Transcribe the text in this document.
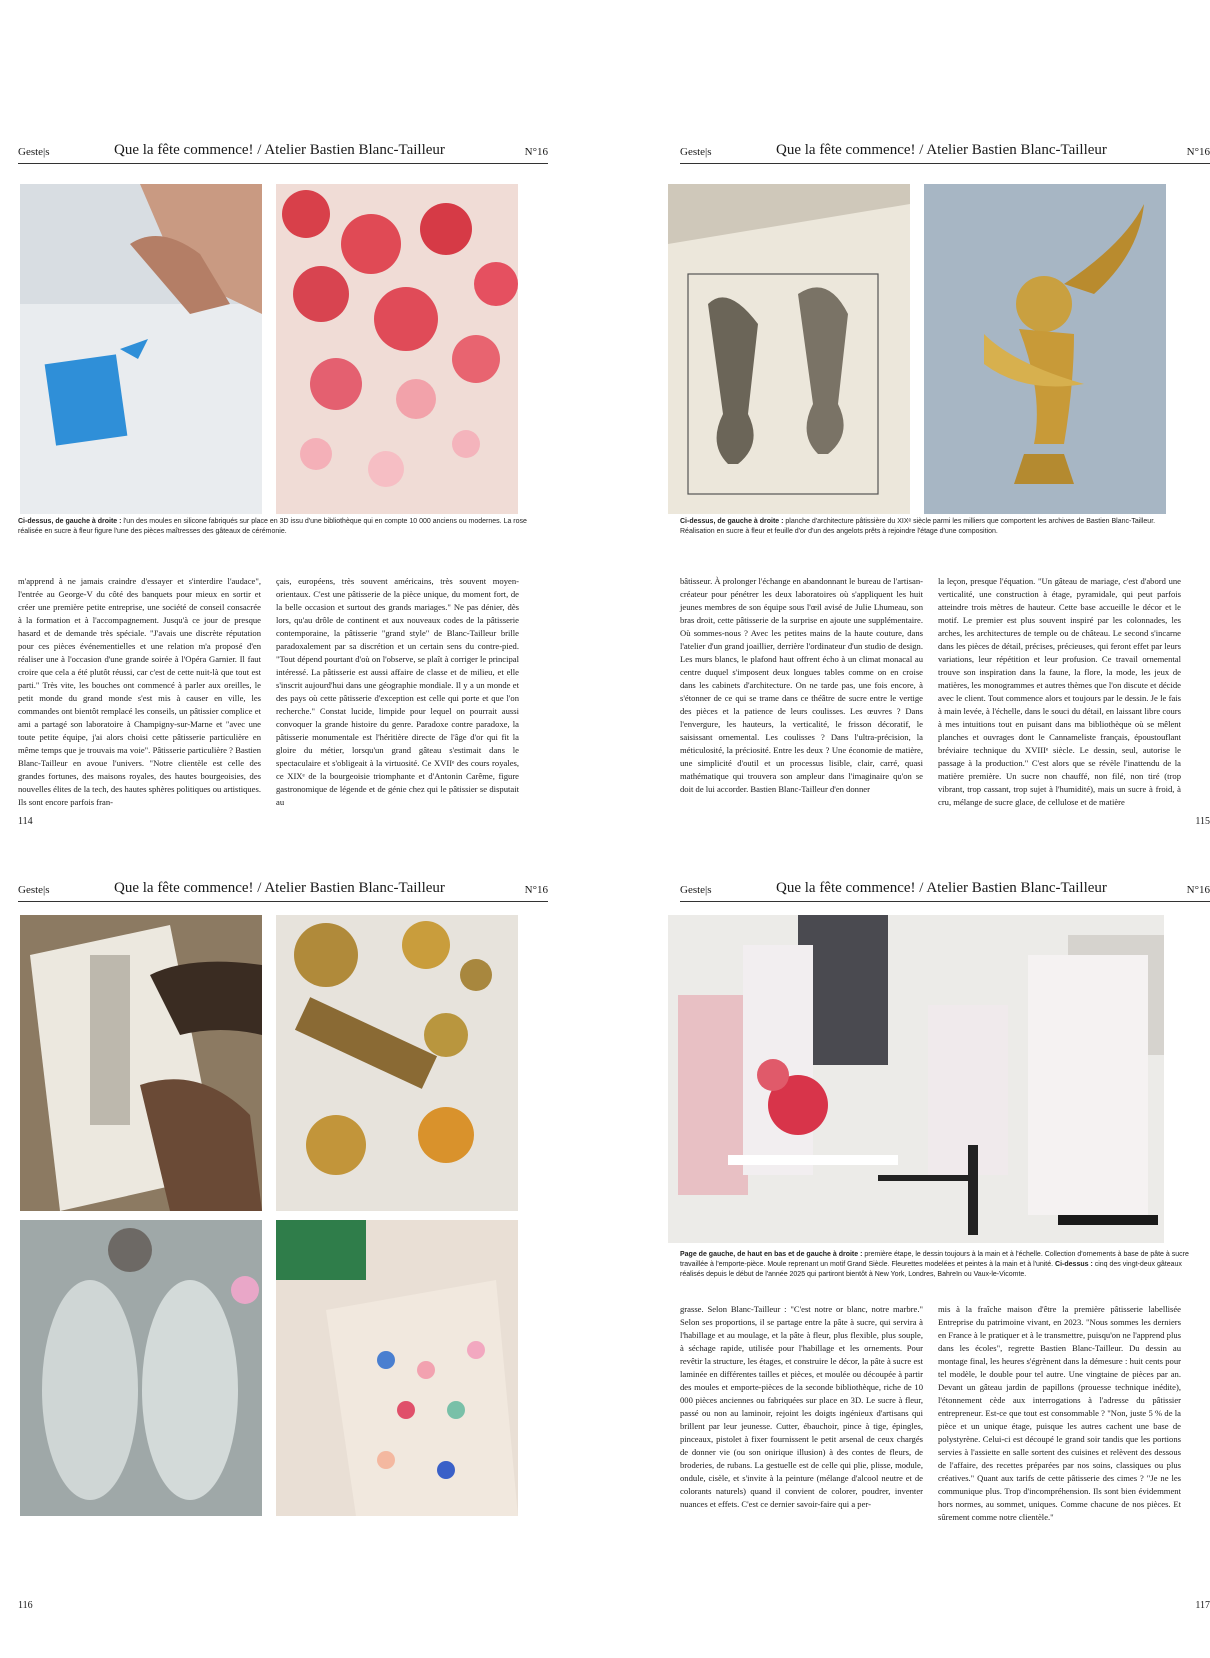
Geste|s	Que la fête commence! / Atelier Bastien Blanc-Tailleur	N°16
Ci-dessus, de gauche à droite : l'un des moules en silicone fabriqués sur place en 3D issu d'une bibliothèque qui en compte 10 000 anciens ou modernes. La rose réalisée en sucre à fleur figure l'une des pièces maîtresses des gâteaux de cérémonie.
m'apprend à ne jamais craindre d'essayer et s'interdire l'audace", l'entrée au George-V du côté des banquets pour mieux en sortir et créer une première petite entreprise, une société de conseil consacrée à la formation et à l'accompagnement. Jusqu'à ce jour de presque hasard et de demande très spéciale. "J'avais une discrète réputation pour ces pièces événementielles et une relation m'a proposé d'en réaliser une à l'occasion d'une grande soirée à l'Opéra Garnier. Il faut croire que cela a été plutôt réussi, car c'est de cette nuit-là que tout est parti." Très vite, les bouches ont commencé à parler aux oreilles, le petit monde du grand monde s'est mis à causer en ville, les commandes ont bientôt remplacé les conseils, un pâtissier complice et ami a partagé son laboratoire à Champigny-sur-Marne et "avec une toute petite équipe, j'ai alors choisi cette pâtisserie particulière en même temps que je trouvais ma voie". Pâtisserie particulière ? Bastien Blanc-Tailleur en avoue l'univers. "Notre clientèle est celle des grandes fortunes, des maisons royales, des hautes bourgeoisies, des nouvelles élites de la tech, des hautes sphères politiques ou artistiques. Ils sont encore parfois fran-
çais, européens, très souvent américains, très souvent moyen-orientaux. C'est une pâtisserie de la pièce unique, du moment fort, de la belle occasion et surtout des grands mariages." Ne pas dénier, dès lors, qu'au drôle de continent et aux nouveaux codes de la pâtisserie contemporaine, la pâtisserie "grand style" de Blanc-Tailleur brille paradoxalement par sa discrétion et un certain sens du contre-pied. "Tout dépend pourtant d'où on l'observe, se plaît à corriger le principal intéressé. La pâtisserie est aussi affaire de classe et de milieu, et elle s'inscrit aujourd'hui dans une géographie mondiale. Il y a un monde et des pays où cette pâtisserie d'exception est celle qui porte et que l'on recherche." Constat lucide, limpide pour lequel on pourrait aussi convoquer la grande histoire du genre. Paradoxe contre paradoxe, la pâtisserie monumentale est l'héritière directe de l'âge d'or qui fit la gloire du métier, lorsqu'un grand gâteau s'estimait dans le spectaculaire et s'obligeait à la virtuosité. Ce XVIIᵉ des cours royales, ce XIXᵉ de la bourgeoisie triomphante et d'Antonin Carême, figure gastronomique de légende et de génie chez qui le pâtissier se disputait au
114
Geste|s	Que la fête commence! / Atelier Bastien Blanc-Tailleur	N°16
Ci-dessus, de gauche à droite : planche d'architecture pâtissière du XIXᵉ siècle parmi les milliers que comportent les archives de Bastien Blanc-Tailleur. Réalisation en sucre à fleur et feuille d'or d'un des angelots prêts à rejoindre l'étage d'une composition.
bâtisseur. À prolonger l'échange en abandonnant le bureau de l'artisan-créateur pour pénétrer les deux laboratoires où s'appliquent les huit jeunes membres de son équipe sous l'œil avisé de Julie Lhumeau, son bras droit, cette pâtisserie de la surprise en ajoute une supplémentaire. Où sommes-nous ? Avec les petites mains de la haute couture, dans l'atelier d'un grand joaillier, derrière l'ordinateur d'un studio de design. Les murs blancs, le plafond haut offrent écho à un climat monacal au centre duquel s'imposent deux longues tables comme on en croise dans les cabinets d'architecture. On ne tarde pas, une fois encore, à s'étonner de ce qui se trame dans ce théâtre de sucre entre le vertige des pièces et la patience de leurs coulisses. Les œuvres ? Dans l'envergure, les hauteurs, la verticalité, le frisson décoratif, le saisissant ornemental. Les coulisses ? Dans l'ultra-précision, la méticulosité, la préciosité. Entre les deux ? Une économie de matière, une simplicité d'outil et un processus lisible, clair, carré, quasi mathématique qui trouvera son ampleur dans l'imaginaire qu'on se doit de lui accorder. Bastien Blanc-Tailleur d'en donner
la leçon, presque l'équation. "Un gâteau de mariage, c'est d'abord une verticalité, une construction à étage, pyramidale, qui peut parfois atteindre trois mètres de hauteur. Cette base accueille le décor et le motif. Le premier est plus souvent inspiré par les colonnades, les arches, les architectures de temple ou de château. Le second s'incarne dans les pièces de détail, précises, précieuses, qui feront effet par leurs variations, leur répétition et leur profusion. Ce travail ornemental trouve son inspiration dans la faune, la flore, la mode, les jeux de matières, les monogrammes et autres thèmes que l'on discute et décide avec le client. Tout commence alors et toujours par le dessin. Je le fais à main levée, à l'échelle, dans le souci du détail, en laissant libre cours à mes intuitions tout en puisant dans ma bibliothèque où se mêlent planches et ouvrages dont le Cannameliste français, époustouflant bréviaire technique du XVIIIᵉ siècle. Le dessin, seul, autorise le passage à la production." C'est alors que se révèle l'inattendu de la matière première. Un sucre non chauffé, non filé, non tiré (trop vibrant, trop cassant, trop sujet à l'humidité), mais un sucre à froid, à cru, mélange de sucre glace, de cellulose et de matière
115
Geste|s	Que la fête commence! / Atelier Bastien Blanc-Tailleur	N°16
116
Geste|s	Que la fête commence! / Atelier Bastien Blanc-Tailleur	N°16
Page de gauche, de haut en bas et de gauche à droite : première étape, le dessin toujours à la main et à l'échelle. Collection d'ornements à base de pâte à sucre travaillée à l'emporte-pièce. Moule reprenant un motif Grand Siècle. Fleurettes modelées et peintes à la main et à l'unité. Ci-dessus : cinq des vingt-deux gâteaux réalisés depuis le début de l'année 2025 qui partiront bientôt à New York, Londres, Bahreïn ou Vaux-le-Vicomte.
grasse. Selon Blanc-Tailleur : "C'est notre or blanc, notre marbre." Selon ses proportions, il se partage entre la pâte à sucre, qui servira à l'habillage et au moulage, et la pâte à fleur, plus flexible, plus souple, à séchage rapide, utilisée pour l'habillage et les ornements. Pour revêtir la structure, les étages, et construire le décor, la pâte à sucre est laminée en différentes tailles et pièces, et moulée ou découpée à partir des moules et emporte-pièces de la seconde bibliothèque, riche de 10 000 pièces anciennes ou fabriquées sur place en 3D. Le sucre à fleur, passé ou non au laminoir, rejoint les doigts ingénieux d'artisans qui brillent par leur jeunesse. Cutter, ébauchoir, pince à tige, épingles, pinceaux, pistolet à fixer fournissent le petit arsenal de ceux chargés de donner vie (ou son onirique illusion) à des contes de fleurs, de broderies, de rubans. La gestuelle est de celle qui plie, plisse, module, ondule, cisèle, et s'invite à la peinture (mélange d'alcool neutre et de colorants naturels) quand il convient de colorer, poudrer, inventer nuances et effets. C'est ce dernier savoir-faire qui a per-
mis à la fraîche maison d'être la première pâtisserie labellisée Entreprise du patrimoine vivant, en 2023. "Nous sommes les derniers en France à le pratiquer et à le transmettre, puisqu'on ne l'apprend plus dans les écoles", regrette Bastien Blanc-Tailleur. Du dessin au montage final, les heures s'égrènent dans la démesure : huit cents pour tel modèle, le double pour tel autre. Une vingtaine de pièces par an. Devant un gâteau jardin de papillons (prouesse technique inédite), l'étonnement cède aux interrogations à l'adresse du pâtissier entrepreneur. Est-ce que tout est consommable ? "Non, juste 5 % de la pièce et un unique étage, puisque les autres cachent une base de polystyrène. Celui-ci est découpé le grand soir tandis que les portions servies à l'assiette en salle sortent des cuisines et relèvent des dessous de l'affaire, des recettes préparées par nos soins, classiques ou plus créatives." Quant aux tarifs de cette pâtisserie des cimes ? "Je ne les communique plus. Trop d'incompréhension. Ils sont bien évidemment hors normes, au sommet, uniques. Comme chacune de nos pièces. Et sûrement comme notre clientèle."
117
